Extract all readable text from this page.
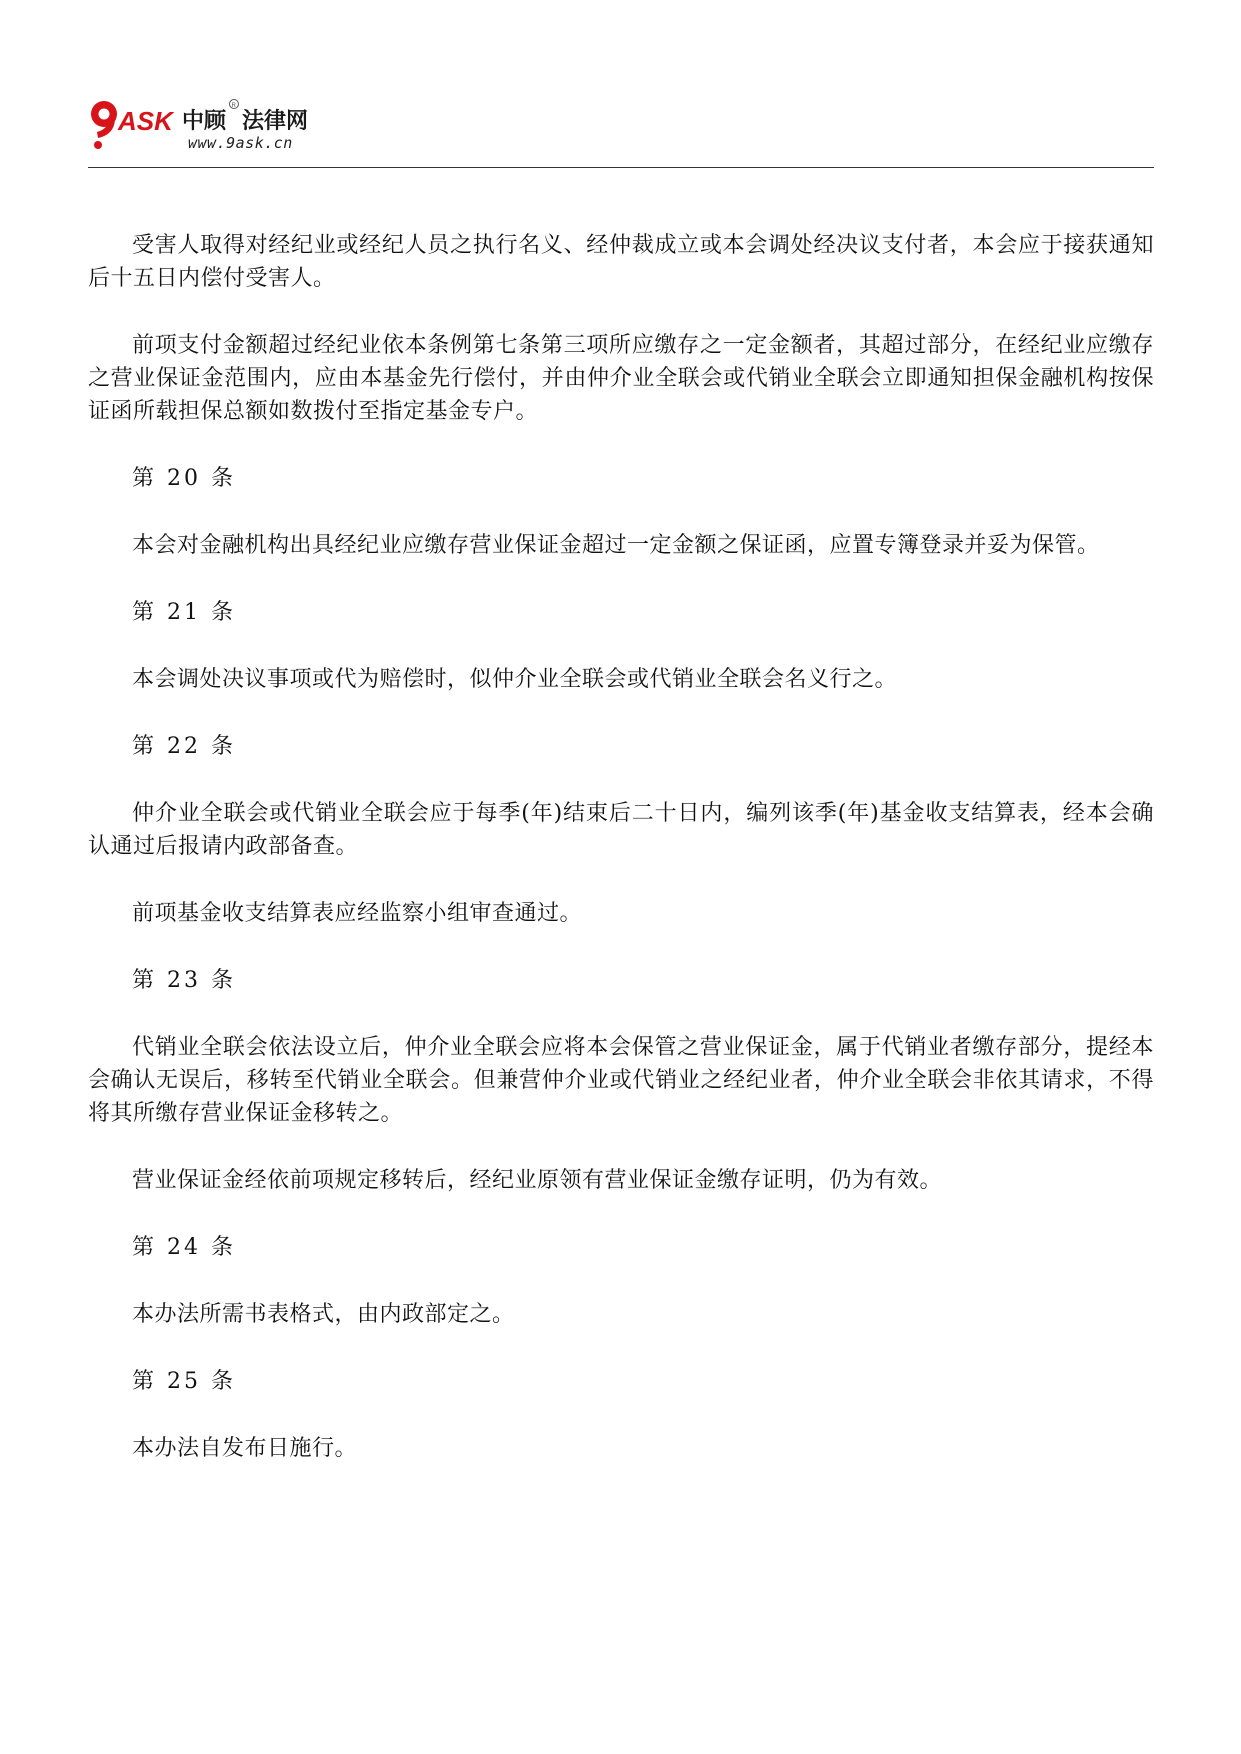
ASK 中顾
R
法律网
www.9ask.cn

受害人取得对经纪业或经纪人员之执行名义、经仲裁成立或本会调处经决议支付者，本会应于接获通知后十五日内偿付受害人。

前项支付金额超过经纪业依本条例第七条第三项所应缴存之一定金额者，其超过部分，在经纪业应缴存之营业保证金范围内，应由本基金先行偿付，并由仲介业全联会或代销业全联会立即通知担保金融机构按保证函所载担保总额如数拨付至指定基金专户。

第 20 条

本会对金融机构出具经纪业应缴存营业保证金超过一定金额之保证函，应置专簿登录并妥为保管。

第 21 条

本会调处决议事项或代为赔偿时，似仲介业全联会或代销业全联会名义行之。

第 22 条

仲介业全联会或代销业全联会应于每季(年)结束后二十日内，编列该季(年)基金收支结算表，经本会确认通过后报请内政部备查。

前项基金收支结算表应经监察小组审查通过。

第 23 条

代销业全联会依法设立后，仲介业全联会应将本会保管之营业保证金，属于代销业者缴存部分，提经本会确认无误后，移转至代销业全联会。但兼营仲介业或代销业之经纪业者，仲介业全联会非依其请求，不得将其所缴存营业保证金移转之。

营业保证金经依前项规定移转后，经纪业原领有营业保证金缴存证明，仍为有效。

第 24 条

本办法所需书表格式，由内政部定之。

第 25 条

本办法自发布日施行。
